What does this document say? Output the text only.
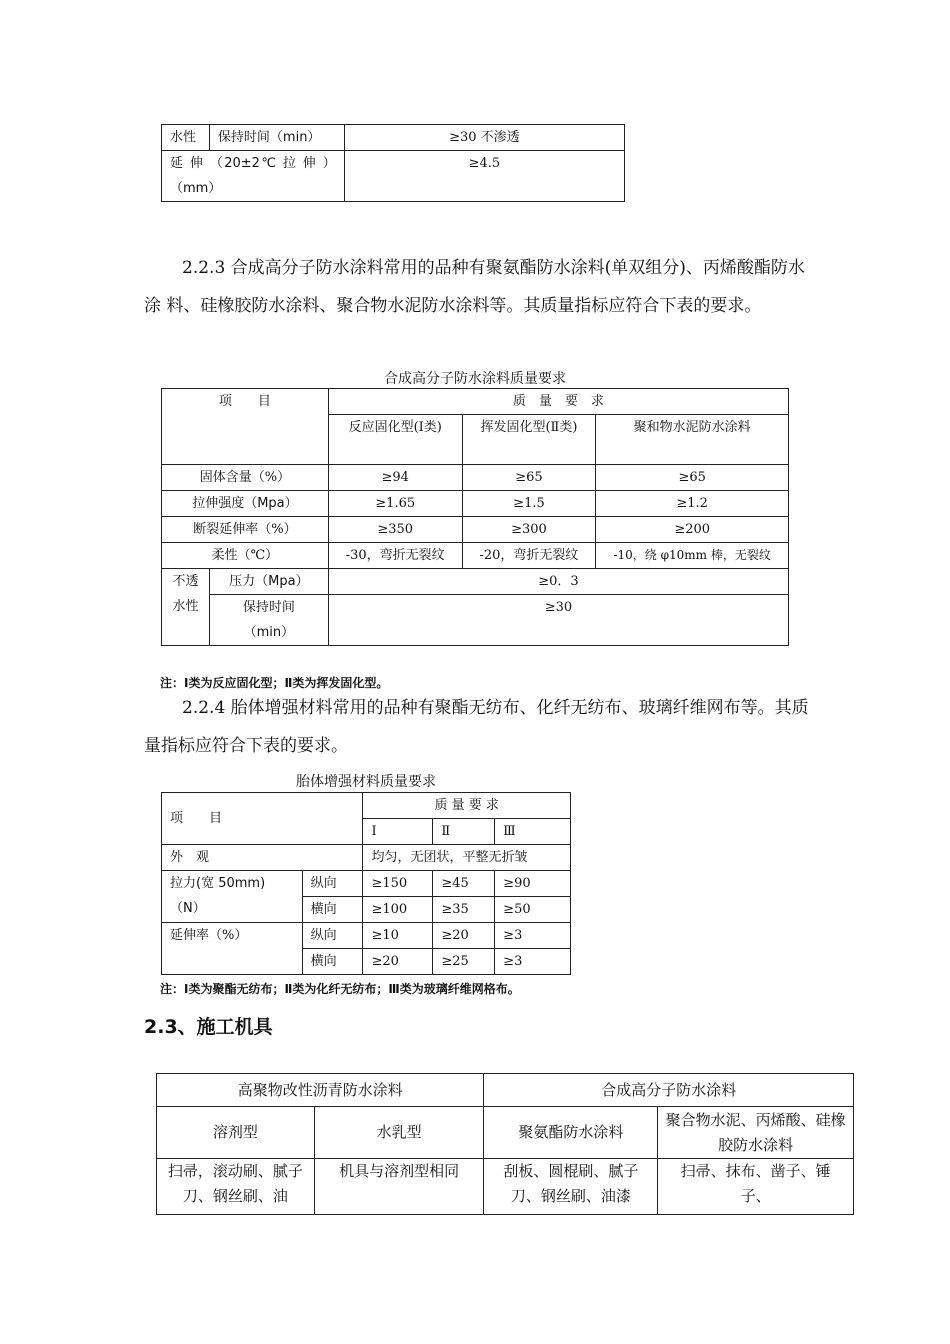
水性	保持时间（min）	≥30 不渗透
延 伸 （20±2℃ 拉 伸 ）（mm）		≥4.5

2.2.3 合成高分子防水涂料常用的品种有聚氨酯防水涂料(单双组分)、丙烯酸酯防水涂 料、硅橡胶防水涂料、聚合物水泥防水涂料等。其质量指标应符合下表的要求。

合成高分子防水涂料质量要求
项　　目		质　量　要　求		
		反应固化型(Ⅰ类)	挥发固化型(Ⅱ类)	聚和物水泥防水涂料
固体含量（%）		≥94	≥65	≥65
拉伸强度（Mpa）		≥1.65	≥1.5	≥1.2
断裂延伸率（%）		≥350	≥300	≥200
柔性（℃）		-30，弯折无裂纹	-20，弯折无裂纹	-10，绕 φ10mm 棒，无裂纹
不透水性	压力（Mpa）	≥0．3		
	保持时间（min）	≥30		
注：Ⅰ类为反应固化型；Ⅱ类为挥发固化型。

2.2.4 胎体增强材料常用的品种有聚酯无纺布、化纤无纺布、玻璃纤维网布等。其质量指标应符合下表的要求。

胎体增强材料质量要求
项　　目		质 量 要 求		
		Ⅰ	Ⅱ	Ⅲ
外　观		均匀，无团状，平整无折皱		
拉力(宽 50mm)（N）	纵向	≥150	≥45	≥90
	横向	≥100	≥35	≥50
延伸率（%）	纵向	≥10	≥20	≥3
	横向	≥20	≥25	≥3
注：Ⅰ类为聚酯无纺布；Ⅱ类为化纤无纺布；Ⅲ类为玻璃纤维网格布。
2.3、施工机具
高聚物改性沥青防水涂料		合成高分子防水涂料	
溶剂型	水乳型	聚氨酯防水涂料	聚合物水泥、丙烯酸、硅橡胶防水涂料
扫帚，滚动刷、腻子刀、钢丝刷、油	机具与溶剂型相同	刮板、圆棍刷、腻子刀、钢丝刷、油漆	扫帚、抹布、凿子、锤子、
